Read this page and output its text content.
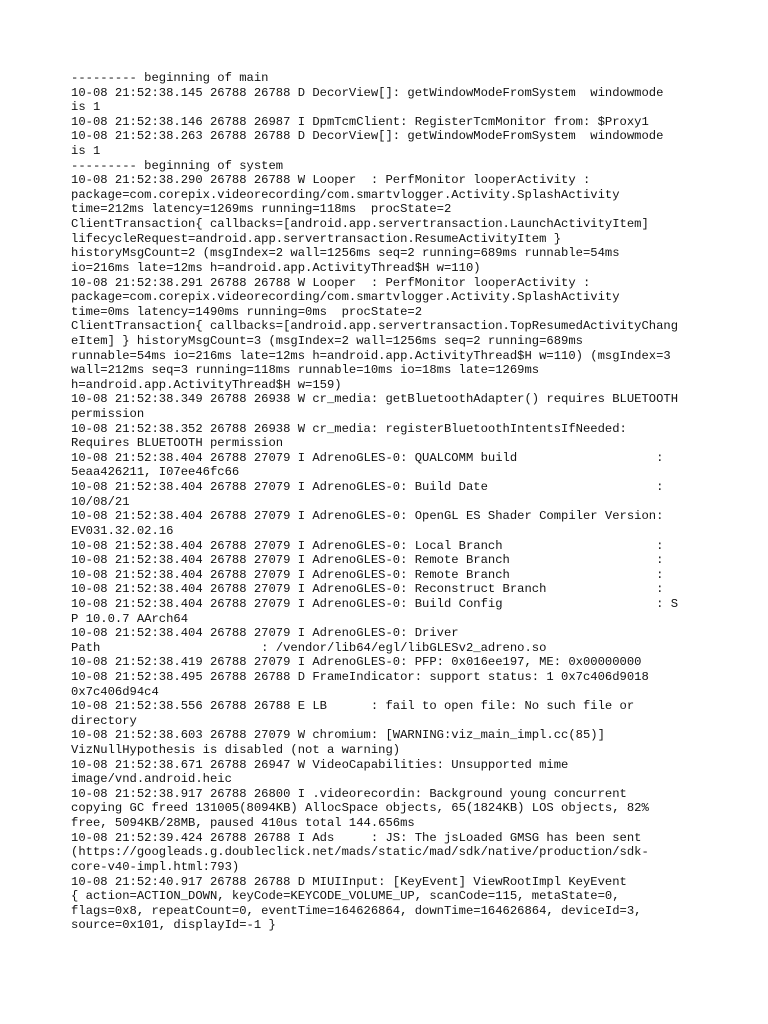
--------- beginning of main
10-08 21:52:38.145 26788 26788 D DecorView[]: getWindowModeFromSystem  windowmode
is 1
10-08 21:52:38.146 26788 26987 I DpmTcmClient: RegisterTcmMonitor from: $Proxy1
10-08 21:52:38.263 26788 26788 D DecorView[]: getWindowModeFromSystem  windowmode
is 1
--------- beginning of system
10-08 21:52:38.290 26788 26788 W Looper  : PerfMonitor looperActivity :
package=com.corepix.videorecording/com.smartvlogger.Activity.SplashActivity
time=212ms latency=1269ms running=118ms  procState=2
ClientTransaction{ callbacks=[android.app.servertransaction.LaunchActivityItem]
lifecycleRequest=android.app.servertransaction.ResumeActivityItem }
historyMsgCount=2 (msgIndex=2 wall=1256ms seq=2 running=689ms runnable=54ms
io=216ms late=12ms h=android.app.ActivityThread$H w=110)
10-08 21:52:38.291 26788 26788 W Looper  : PerfMonitor looperActivity :
package=com.corepix.videorecording/com.smartvlogger.Activity.SplashActivity
time=0ms latency=1490ms running=0ms  procState=2
ClientTransaction{ callbacks=[android.app.servertransaction.TopResumedActivityChang
eItem] } historyMsgCount=3 (msgIndex=2 wall=1256ms seq=2 running=689ms
runnable=54ms io=216ms late=12ms h=android.app.ActivityThread$H w=110) (msgIndex=3
wall=212ms seq=3 running=118ms runnable=10ms io=18ms late=1269ms
h=android.app.ActivityThread$H w=159)
10-08 21:52:38.349 26788 26938 W cr_media: getBluetoothAdapter() requires BLUETOOTH
permission
10-08 21:52:38.352 26788 26938 W cr_media: registerBluetoothIntentsIfNeeded:
Requires BLUETOOTH permission
10-08 21:52:38.404 26788 27079 I AdrenoGLES-0: QUALCOMM build                   :
5eaa426211, I07ee46fc66
10-08 21:52:38.404 26788 27079 I AdrenoGLES-0: Build Date                       :
10/08/21
10-08 21:52:38.404 26788 27079 I AdrenoGLES-0: OpenGL ES Shader Compiler Version:
EV031.32.02.16
10-08 21:52:38.404 26788 27079 I AdrenoGLES-0: Local Branch                     :
10-08 21:52:38.404 26788 27079 I AdrenoGLES-0: Remote Branch                    :
10-08 21:52:38.404 26788 27079 I AdrenoGLES-0: Remote Branch                    :
10-08 21:52:38.404 26788 27079 I AdrenoGLES-0: Reconstruct Branch               :
10-08 21:52:38.404 26788 27079 I AdrenoGLES-0: Build Config                     : S
P 10.0.7 AArch64
10-08 21:52:38.404 26788 27079 I AdrenoGLES-0: Driver
Path                      : /vendor/lib64/egl/libGLESv2_adreno.so
10-08 21:52:38.419 26788 27079 I AdrenoGLES-0: PFP: 0x016ee197, ME: 0x00000000
10-08 21:52:38.495 26788 26788 D FrameIndicator: support status: 1 0x7c406d9018
0x7c406d94c4
10-08 21:52:38.556 26788 26788 E LB      : fail to open file: No such file or
directory
10-08 21:52:38.603 26788 27079 W chromium: [WARNING:viz_main_impl.cc(85)]
VizNullHypothesis is disabled (not a warning)
10-08 21:52:38.671 26788 26947 W VideoCapabilities: Unsupported mime
image/vnd.android.heic
10-08 21:52:38.917 26788 26800 I .videorecordin: Background young concurrent
copying GC freed 131005(8094KB) AllocSpace objects, 65(1824KB) LOS objects, 82%
free, 5094KB/28MB, paused 410us total 144.656ms
10-08 21:52:39.424 26788 26788 I Ads     : JS: The jsLoaded GMSG has been sent
(https://googleads.g.doubleclick.net/mads/static/mad/sdk/native/production/sdk-
core-v40-impl.html:793)
10-08 21:52:40.917 26788 26788 D MIUIInput: [KeyEvent] ViewRootImpl KeyEvent
{ action=ACTION_DOWN, keyCode=KEYCODE_VOLUME_UP, scanCode=115, metaState=0,
flags=0x8, repeatCount=0, eventTime=164626864, downTime=164626864, deviceId=3,
source=0x101, displayId=-1 }
